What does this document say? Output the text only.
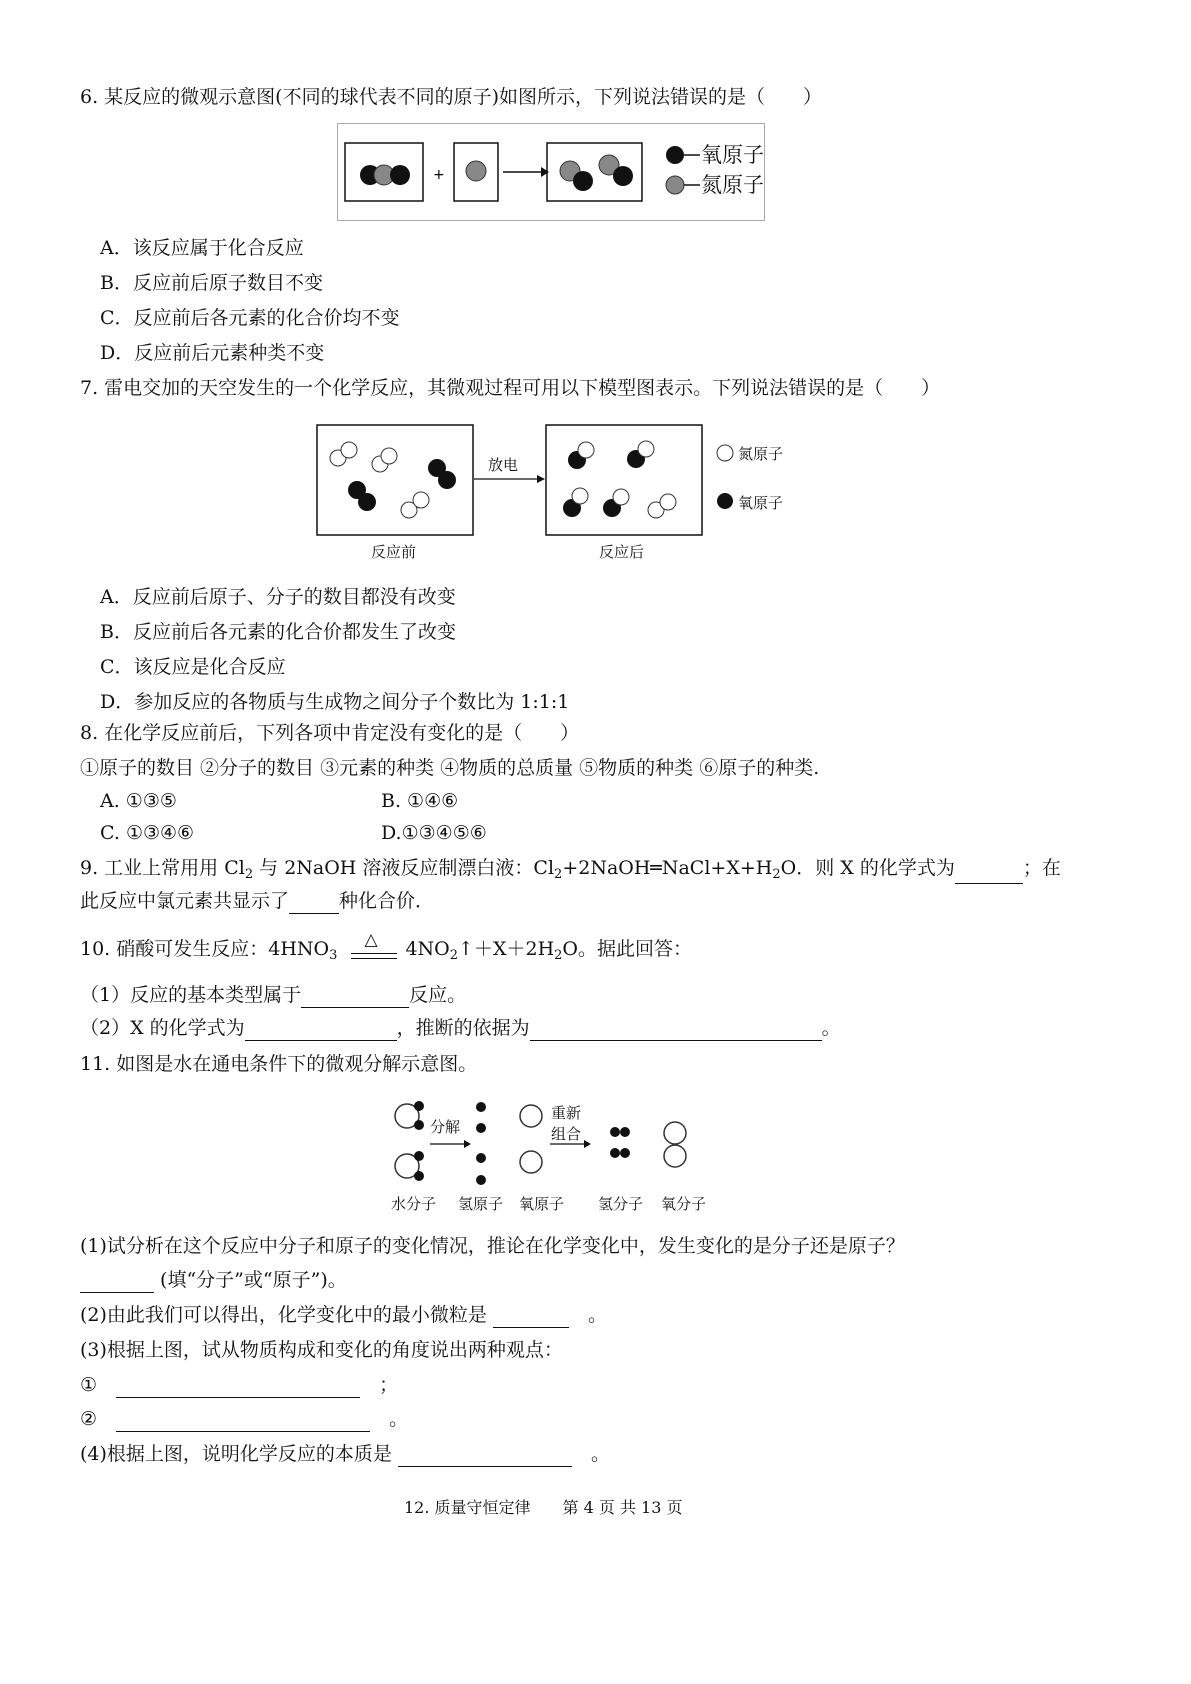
6. 某反应的微观示意图(不同的球代表不同的原子)如图所示，下列说法错误的是（　　）
+
氧原子
氮原子
A．该反应属于化合反应
B．反应前后原子数目不变
C．反应前后各元素的化合价均不变
D．反应前后元素种类不变
7. 雷电交加的天空发生的一个化学反应，其微观过程可用以下模型图表示。下列说法错误的是（　　）
放电
反应前	反应后
氮原子
氧原子
A．反应前后原子、分子的数目都没有改变
B．反应前后各元素的化合价都发生了改变
C．该反应是化合反应
D．参加反应的各物质与生成物之间分子个数比为 1:1:1
8. 在化学反应前后，下列各项中肯定没有变化的是（　　）
①原子的数目 ②分子的数目 ③元素的种类 ④物质的总质量 ⑤物质的种类 ⑥原子的种类.
A. ①③⑤	B. ①④⑥
C. ①③④⑥	D.①③④⑤⑥
9. 工业上常用用 $Cl_2$ 与 2NaOH 溶液反应制漂白液：$Cl_2+2NaOH═NaCl+X+H_2O$．则 X 的化学式为	；在
此反应中氯元素共显示了	种化合价．
10. 硝酸可发生反应：$4HNO_3$
△ $4NO_2↑+X+2H_2O$。据此回答：
（1）反应的基本类型属于	反应。
（2）X 的化学式为	，推断的依据为	。
11. 如图是水在通电条件下的微观分解示意图。
分解
重新
组合
水分子 氢原子 氧原子 氢分子 氧分子
(1)试分析在这个反应中分子和原子的变化情况，推论在化学变化中，发生变化的是分子还是原子？
(填“分子”或“原子”)。
(2)由此我们可以得出，化学变化中的最小微粒是 　	。
(3)根据上图，试从物质构成和变化的角度说出两种观点：
①　　	；
②　　	。
(4)根据上图，说明化学反应的本质是 　	。
12. 质量守恒定律　　第 4 页 共 13 页
